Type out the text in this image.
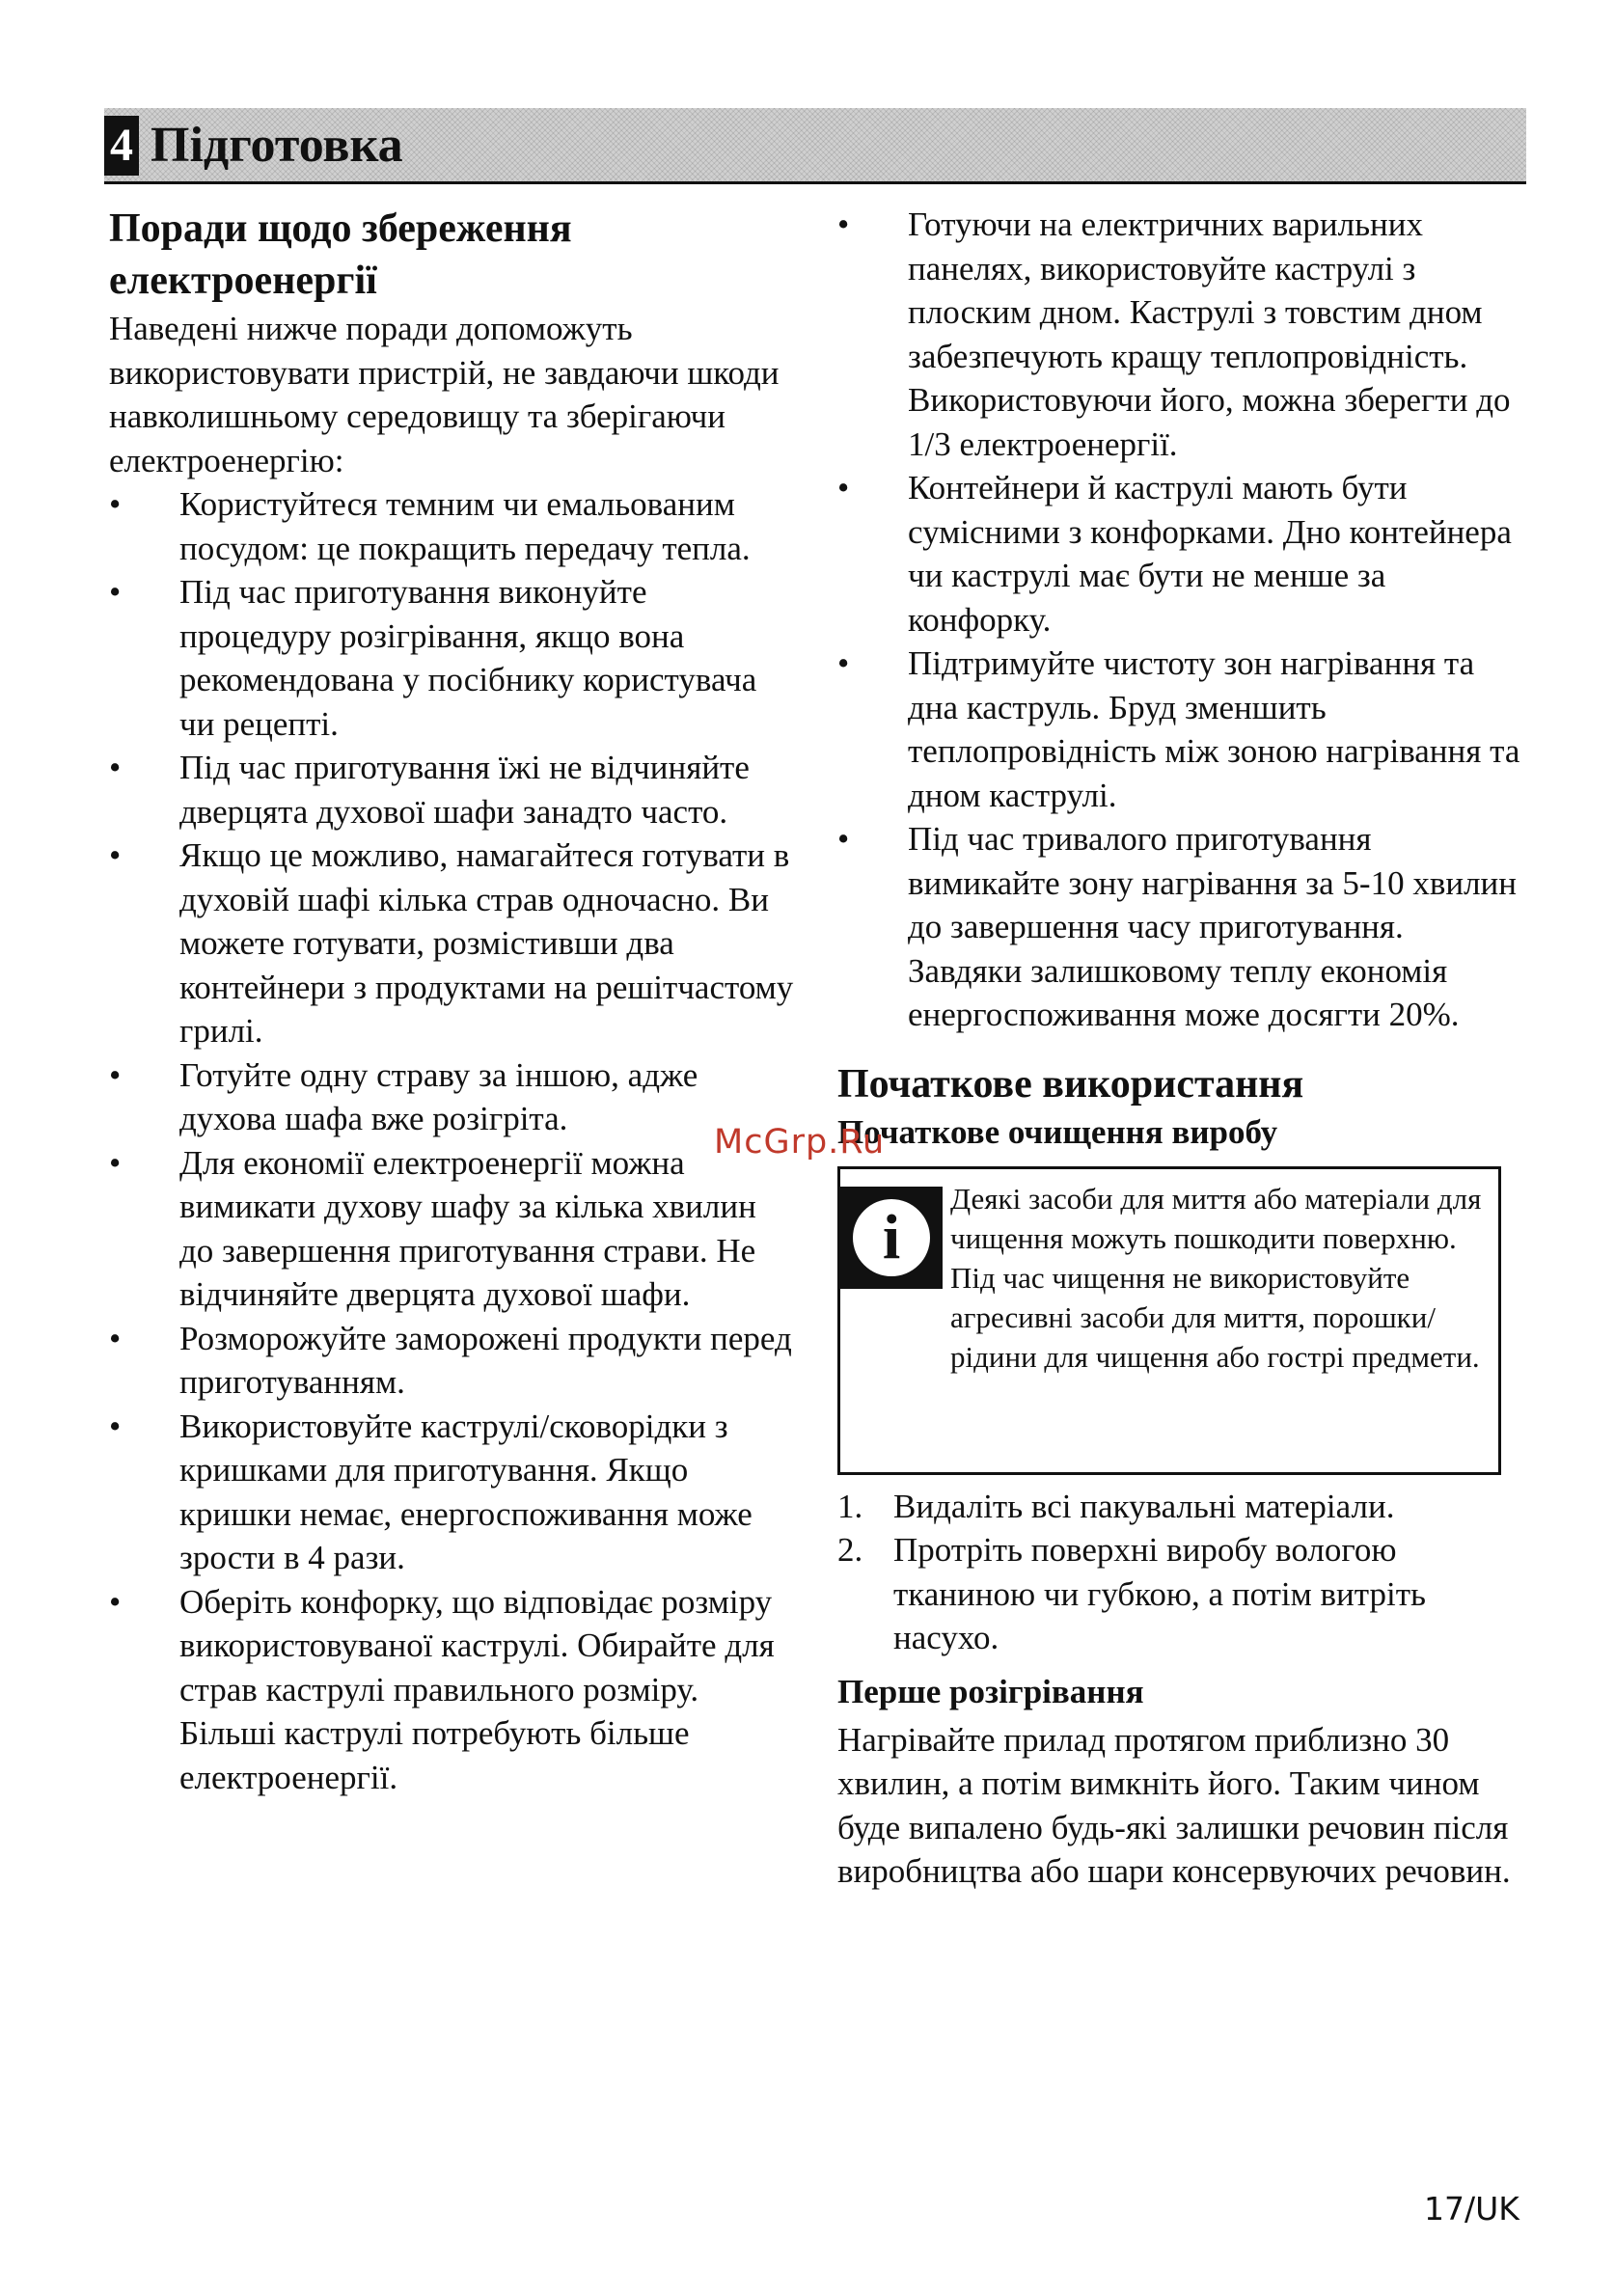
4 Підготовка
Поради щодо збереження електроенергії

Наведені нижче поради допоможуть використовувати пристрій, не завдаючи шкоди навколишньому середовищу та зберігаючи електроенергію:

• Користуйтеся темним чи емальованим посудом: це покращить передачу тепла.
• Під час приготування виконуйте процедуру розігрівання, якщо вона рекомендована у посібнику користувача чи рецепті.
• Під час приготування їжі не відчиняйте дверцята духової шафи занадто часто.
• Якщо це можливо, намагайтеся готувати в духовій шафі кілька страв одночасно. Ви можете готувати, розмістивши два контейнери з продуктами на решітчастому грилі.
• Готуйте одну страву за іншою, адже духова шафа вже розігріта.
• Для економії електроенергії можна вимикати духову шафу за кілька хвилин до завершення приготування страви. Не відчиняйте дверцята духової шафи.
• Розморожуйте заморожені продукти перед приготуванням.
• Використовуйте каструлі/сковорідки з кришками для приготування. Якщо кришки немає, енергоспоживання може зрости в 4 рази.
• Оберіть конфорку, що відповідає розміру використовуваної каструлі. Обирайте для страв каструлі правильного розміру. Більші каструлі потребують більше електроенергії.
• Готуючи на електричних варильних панелях, використовуйте каструлі з плоским дном. Каструлі з товстим дном забезпечують кращу теплопровідність. Використовуючи його, можна зберегти до 1/3 електроенергії.
• Контейнери й каструлі мають бути сумісними з конфорками. Дно контейнера чи каструлі має бути не менше за конфорку.
• Підтримуйте чистоту зон нагрівання та дна каструль. Бруд зменшить теплопровідність між зоною нагрівання та дном каструлі.
• Під час тривалого приготування вимикайте зону нагрівання за 5-10 хвилин до завершення часу приготування. Завдяки залишковому теплу економія енергоспоживання може досягти 20%.
Початкове використання
Початкове очищення виробу
i

Деякі засоби для миття або матеріали для чищення можуть пошкодити поверхню.

Під час чищення не використовуйте агресивні засоби для миття, порошки/рідини для чищення або гострі предмети.

1. Видаліть всі пакувальні матеріали.
2. Протріть поверхні виробу вологою тканиною чи губкою, а потім витріть насухо.
Перше розігрівання

Нагрівайте прилад протягом приблизно 30 хвилин, а потім вимкніть його. Таким чином буде випалено будь-які залишки речовин після виробництва або шари консервуючих речовин.

McGrp.Ru
17/UK
